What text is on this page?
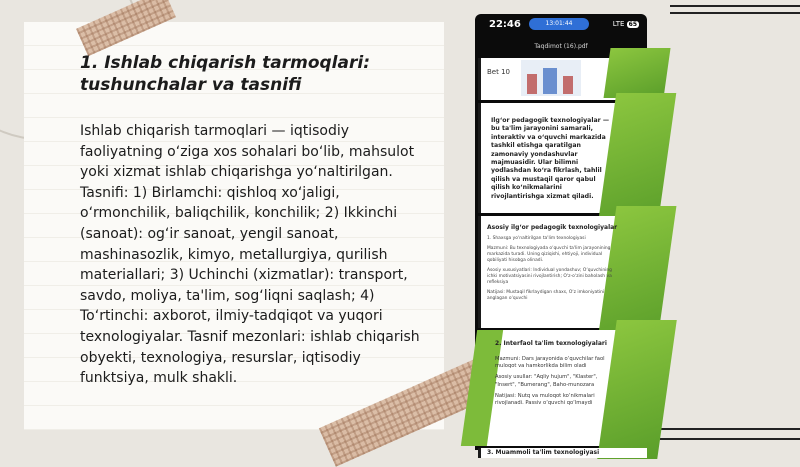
1. Ishlab chiqarish tarmoqlari: tushunchalar va tasnifi

Ishlab chiqarish tarmoqlari — iqtisodiy faoliyatning o‘ziga xos sohalari bo‘lib, mahsulot yoki xizmat ishlab chiqarishga yo‘naltirilgan. Tasnifi: 1) Birlamchi: qishloq xo‘jaligi, o‘rmonchilik, baliqchilik, konchilik; 2) Ikkinchi (sanoat): og‘ir sanoat, yengil sanoat, mashinasozlik, kimyo, metallurgiya, qurilish materiallari; 3) Uchinchi (xizmatlar): transport, savdo, moliya, ta'lim, sog‘liqni saqlash; 4) To‘rtinchi: axborot, ilmiy-tadqiqot va yuqori texnologiyalar. Tasnif mezonlari: ishlab chiqarish obyekti, texnologiya, resurslar, iqtisodiy funktsiya, mulk shakli.

22:46	13:01:44	LTE 65
Taqdimot (16).pdf
Bet 10

Ilg‘or pedagogik texnologiyalar — bu ta'lim jarayonini samarali, interaktiv va o‘quvchi markazida tashkil etishga qaratilgan zamonaviy yondashuvlar majmuasidir. Ular bilimni yodlashdan ko‘ra fikrlash, tahlil qilish va mustaqil qaror qabul qilish ko‘nikmalarini rivojlantirishga xizmat qiladi.

Asosiy ilg‘or pedagogik texnologiyalar

1. Shaxsga yo‘naltirilgan ta'lim texnologiyasi

Mazmuni: Bu texnologiyada o‘quvchi ta'lim jarayonining markazida turadi. Uning qiziqishi, ehtiyoji, individual qobiliyati hisobga olinadi.

Asosiy xususiyatlari: Individual yondashuv; O‘quvchining ichki motivatsiyasini rivojlantirish; O‘z-o‘zini baholash va refleksiya

Natijasi: Mustaqil fikrlaydigan shaxs, O‘z imkoniyatini anglagan o‘quvchi

2. Interfaol ta'lim texnologiyalari

Mazmuni: Dars jarayonida o‘quvchilar faol muloqot va hamkorlikda bilim oladi

Asosiy usullar: "Aqliy hujum", "Klaster", "Insert", "Bumerang", Baho-munozara

Natijasi: Nutq va muloqot ko‘nikmalari rivojlanadi. Passiv o‘quvchi qo‘lmaydi

3. Muammoli ta'lim texnologiyasi
